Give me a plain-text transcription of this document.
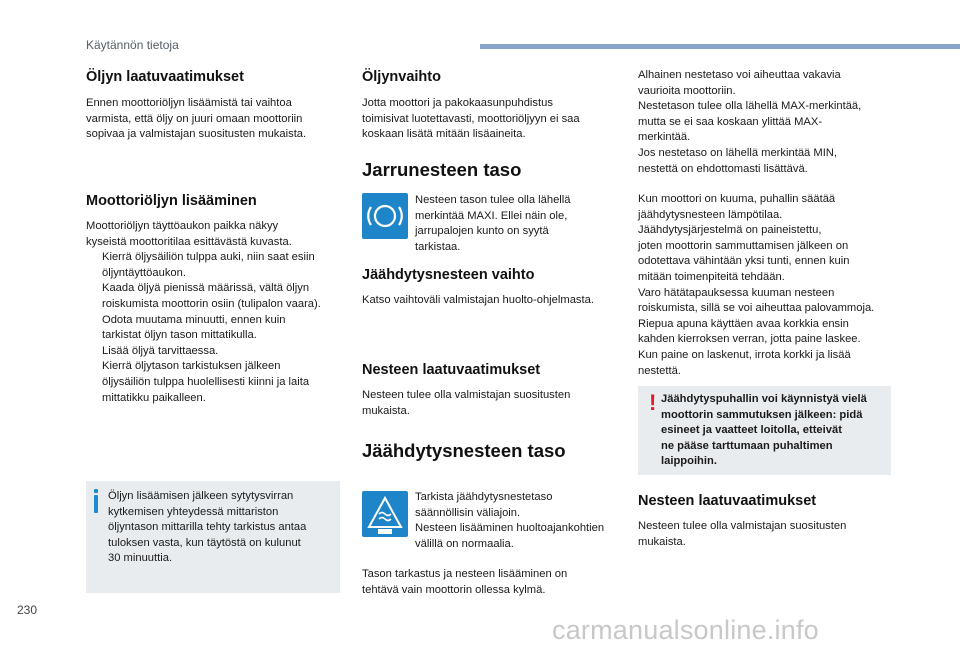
Käytännön tietoja
Öljyn laatuvaatimukset

Ennen moottoriöljyn lisäämistä tai vaihtoa
varmista, että öljy on juuri omaan moottoriin
sopivaa ja valmistajan suositusten mukaista.

Moottoriöljyn lisääminen

Moottoriöljyn täyttöaukon paikka näkyy
kyseistä moottoritilaa esittävästä kuvasta.

Kierrä öljysäiliön tulppa auki, niin saat esiin
öljyntäyttöaukon.
Kaada öljyä pienissä määrissä, vältä öljyn
roiskumista moottorin osiin (tulipalon vaara).
Odota muutama minuutti, ennen kuin
tarkistat öljyn tason mittatikulla.
Lisää öljyä tarvittaessa.
Kierrä öljytason tarkistuksen jälkeen
öljysäiliön tulppa huolellisesti kiinni ja laita
mittatikku paikalleen.

Öljyn lisäämisen jälkeen sytytysvirran
kytkemisen yhteydessä mittariston
öljyntason mittarilla tehty tarkistus antaa
tuloksen vasta, kun täytöstä on kulunut
30 minuuttia.

Öljynvaihto

Jotta moottori ja pakokaasunpuhdistus
toimisivat luotettavasti, moottoriöljyyn ei saa
koskaan lisätä mitään lisäaineita.

Jarrunesteen taso

Nesteen tason tulee olla lähellä
merkintää MAXI. Ellei näin ole,
jarrupalojen kunto on syytä
tarkistaa.

Jäähdytysnesteen vaihto

Katso vaihtoväli valmistajan huolto-ohjelmasta.

Nesteen laatuvaatimukset

Nesteen tulee olla valmistajan suositusten
mukaista.

Jäähdytysnesteen taso

Tarkista jäähdytysnestetaso
säännöllisin väliajoin.
Nesteen lisääminen huoltoajankohtien
välillä on normaalia.

Tason tarkastus ja nesteen lisääminen on
tehtävä vain moottorin ollessa kylmä.

Alhainen nestetaso voi aiheuttaa vakavia
vaurioita moottoriin.
Nestetason tulee olla lähellä MAX-merkintää,
mutta se ei saa koskaan ylittää MAX-
merkintää.
Jos nestetaso on lähellä merkintää MIN,
nestettä on ehdottomasti lisättävä.

Kun moottori on kuuma, puhallin säätää
jäähdytysnesteen lämpötilaa.
Jäähdytysjärjestelmä on paineistettu,
joten moottorin sammuttamisen jälkeen on
odotettava vähintään yksi tunti, ennen kuin
mitään toimenpiteitä tehdään.
Varo hätätapauksessa kuuman nesteen
roiskumista, sillä se voi aiheuttaa palovammoja.
Riepua apuna käyttäen avaa korkkia ensin
kahden kierroksen verran, jotta paine laskee.
Kun paine on laskenut, irrota korkki ja lisää
nestettä.

! Jäähdytyspuhallin voi käynnistyä vielä
moottorin sammutuksen jälkeen: pidä
esineet ja vaatteet loitolla, etteivät
ne pääse tarttumaan puhaltimen
laippoihin.

Nesteen laatuvaatimukset

Nesteen tulee olla valmistajan suositusten
mukaista.

230
carmanualsonline.info
